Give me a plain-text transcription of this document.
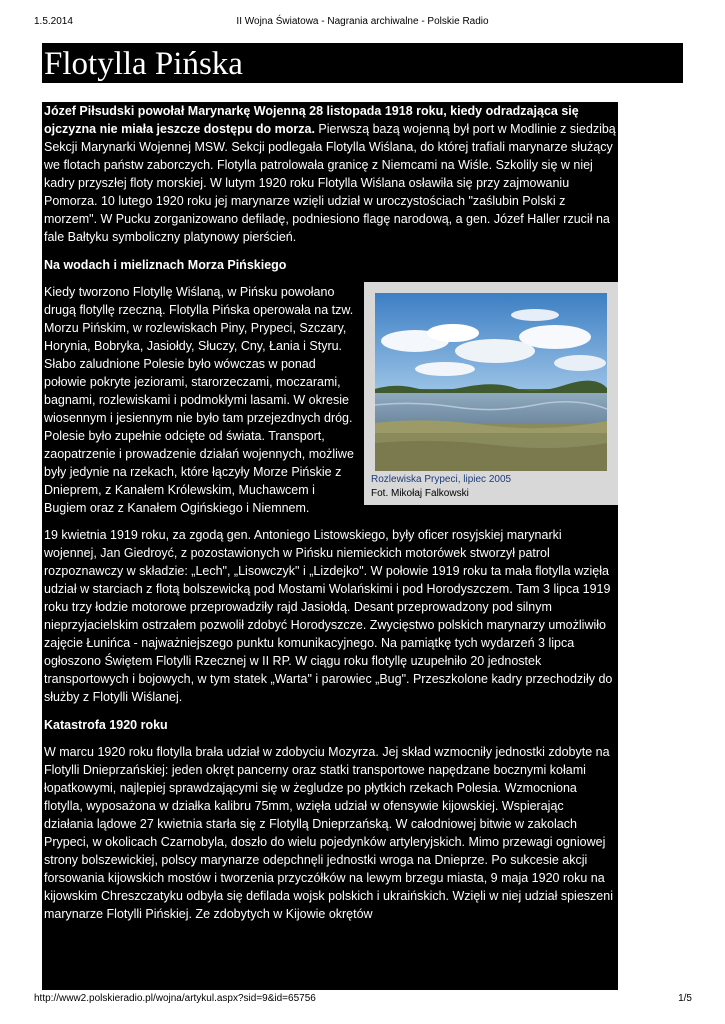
1.5.2014	II Wojna Światowa - Nagrania archiwalne - Polskie Radio
Flotylla Pińska

Józef Piłsudski powołał Marynarkę Wojenną 28 listopada 1918 roku, kiedy odradzająca się ojczyzna nie miała jeszcze dostępu do morza. Pierwszą bazą wojenną był port w Modlinie z siedzibą Sekcji Marynarki Wojennej MSW. Sekcji podlegała Flotylla Wiślana, do której trafiali marynarze służący we flotach państw zaborczych. Flotylla patrolowała granicę z Niemcami na Wiśle. Szkolily się w niej kadry przyszłej floty morskiej. W lutym 1920 roku Flotylla Wiślana osławiła się przy zajmowaniu Pomorza. 10 lutego 1920 roku jej marynarze wzięli udział w uroczystościach "zaślubin Polski z morzem". W Pucku zorganizowano defiladę, podniesiono flagę narodową, a gen. Józef Haller rzucił na fale Bałtyku symboliczny platynowy pierścień.

Na wodach i mieliznach Morza Pińskiego

Rozlewiska Prypeci, lipiec 2005
Fot. Mikołaj Falkowski

Kiedy tworzono Flotyllę Wiślaną, w Pińsku powołano drugą flotyllę rzeczną. Flotylla Pińska operowała na tzw. Morzu Pińskim, w rozlewiskach Piny, Prypeci, Szczary, Horynia, Bobryka, Jasiołdy, Słuczy, Cny, Łania i Styru. Słabo zaludnione Polesie było wówczas w ponad połowie pokryte jeziorami, starorzeczami, moczarami, bagnami, rozlewiskami i podmokłymi lasami. W okresie wiosennym i jesiennym nie było tam przejezdnych dróg. Polesie było zupełnie odcięte od świata. Transport, zaopatrzenie i prowadzenie działań wojennych, możliwe były jedynie na rzekach, które łączyły Morze Pińskie z Dnieprem, z Kanałem Królewskim, Muchawcem i Bugiem oraz z Kanałem Ogińskiego i Niemnem.

19 kwietnia 1919 roku, za zgodą gen. Antoniego Listowskiego, były oficer rosyjskiej marynarki wojennej, Jan Giedroyć, z pozostawionych w Pińsku niemieckich motorówek stworzył patrol rozpoznawczy w składzie: „Lech", „Lisowczyk" i „Lizdejko". W połowie 1919 roku ta mała flotylla wzięła udział w starciach z flotą bolszewicką pod Mostami Wolańskimi i pod Horodyszczem. Tam 3 lipca 1919 roku trzy łodzie motorowe przeprowadziły rajd Jasiołdą. Desant przeprowadzony pod silnym nieprzyjacielskim ostrzałem pozwolił zdobyć Horodyszcze. Zwycięstwo polskich marynarzy umożliwiło zajęcie Łunińca - najważniejszego punktu komunikacyjnego. Na pamiątkę tych wydarzeń 3 lipca ogłoszono Świętem Flotylli Rzecznej w II RP. W ciągu roku flotyllę uzupełniło 20 jednostek transportowych i bojowych, w tym statek „Warta" i parowiec „Bug". Przeszkolone kadry przechodziły do służby z Flotylli Wiślanej.

Katastrofa 1920 roku

W marcu 1920 roku flotylla brała udział w zdobyciu Mozyrza. Jej skład wzmocniły jednostki zdobyte na Flotylli Dnieprzańskiej: jeden okręt pancerny oraz statki transportowe napędzane bocznymi kołami łopatkowymi, najlepiej sprawdzającymi się w żegludze po płytkich rzekach Polesia. Wzmocniona flotylla, wyposażona w działka kalibru 75mm, wzięła udział w ofensywie kijowskiej. Wspierając działania lądowe 27 kwietnia starła się z Flotyllą Dnieprzańską. W całodniowej bitwie w zakolach Prypeci, w okolicach Czarnobyla, doszło do wielu pojedynków artyleryjskich. Mimo przewagi ogniowej strony bolszewickiej, polscy marynarze odepchnęli jednostki wroga na Dnieprze. Po sukcesie akcji forsowania kijowskich mostów i tworzenia przyczółków na lewym brzegu miasta, 9 maja 1920 roku na kijowskim Chreszczatyku odbyła się defilada wojsk polskich i ukraińskich. Wzięli w niej udział spieszeni marynarze Flotylli Pińskiej. Ze zdobytych w Kijowie okrętów

http://www2.polskieradio.pl/wojna/artykul.aspx?sid=9&id=65756	1/5
